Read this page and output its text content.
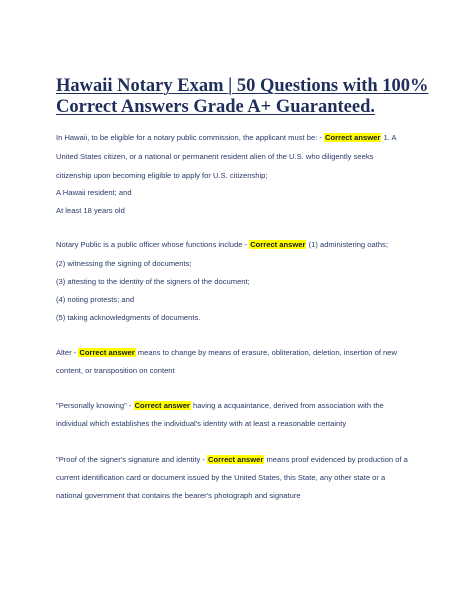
Hawaii Notary Exam | 50 Questions with 100%
Correct Answers Grade A+ Guaranteed.
In Hawaii, to be eligible for a notary public commission, the applicant must be: - Correct answer 1. A
United States citizen, or a national or permanent resident alien of the U.S. who diligently seeks
citizenship upon becoming eligible to apply for U.S. citizenship;
A Hawaii resident; and
At least 18 years old
Notary Public is a public officer whose functions include - Correct answer (1) administering oaths;
(2) witnessing the signing of documents;
(3) attesting to the identity of the signers of the document;
(4) noting protests; and
(5) taking acknowledgments of documents.
Alter - Correct answer means to change by means of erasure, obliteration, deletion, insertion of new
content, or transposition on content
"Personally knowing" - Correct answer having a acquaintance, derived from association with the
individual which establishes the individual's identity with at least a reasonable certainty
"Proof of the signer's signature and identity - Correct answer means proof evidenced by production of a
current identification card or document issued by the United States, this State, any other state or a
national government that contains the bearer's photograph and signature
